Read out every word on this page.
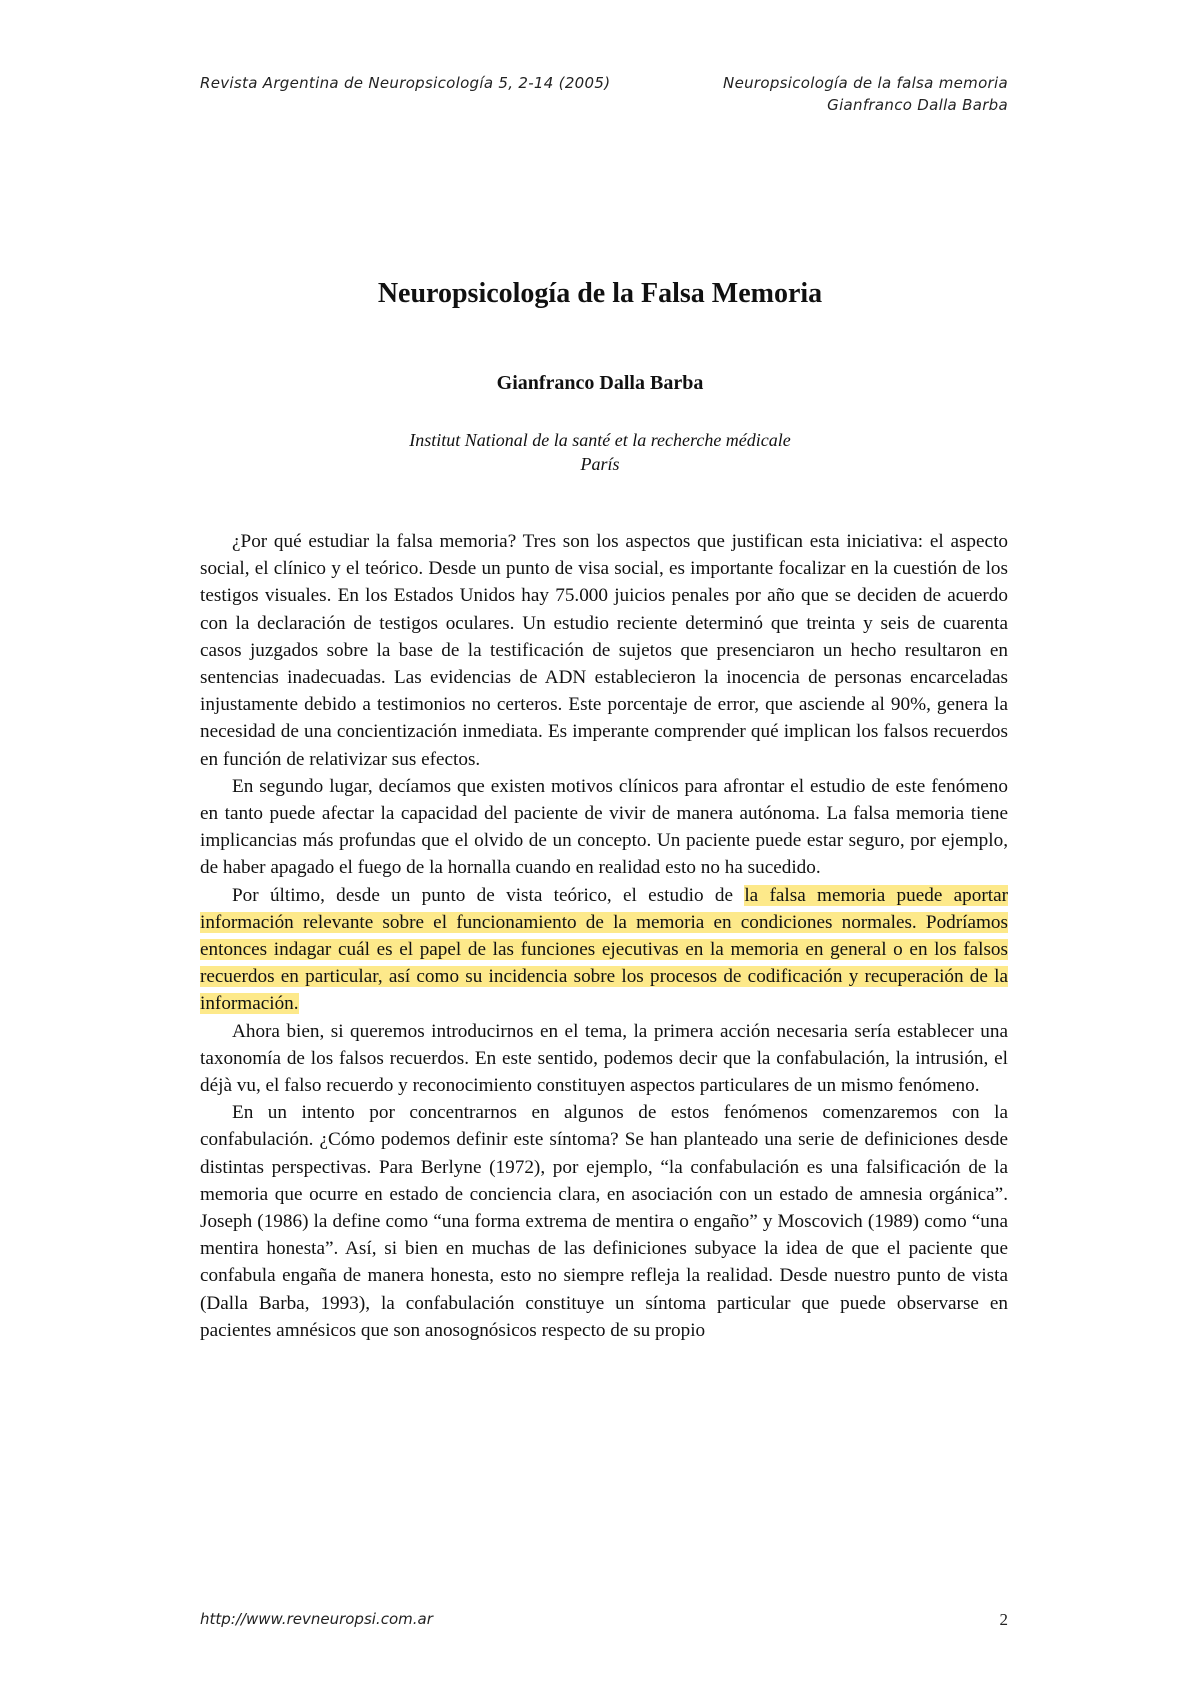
Revista Argentina de Neuropsicología 5, 2-14 (2005)	Neuropsicología de la falsa memoria
Gianfranco Dalla Barba
Neuropsicología de la Falsa Memoria
Gianfranco Dalla Barba
Institut National de la santé et la recherche médicale
París

¿Por qué estudiar la falsa memoria? Tres son los aspectos que justifican esta iniciativa: el aspecto social, el clínico y el teórico. Desde un punto de visa social, es importante focalizar en la cuestión de los testigos visuales. En los Estados Unidos hay 75.000 juicios penales por año que se deciden de acuerdo con la declaración de testigos oculares. Un estudio reciente determinó que treinta y seis de cuarenta casos juzgados sobre la base de la testificación de sujetos que presenciaron un hecho resultaron en sentencias inadecuadas. Las evidencias de ADN establecieron la inocencia de personas encarceladas injustamente debido a testimonios no certeros. Este porcentaje de error, que asciende al 90%, genera la necesidad de una concientización inmediata. Es imperante comprender qué implican los falsos recuerdos en función de relativizar sus efectos.

En segundo lugar, decíamos que existen motivos clínicos para afrontar el estudio de este fenómeno en tanto puede afectar la capacidad del paciente de vivir de manera autónoma. La falsa memoria tiene implicancias más profundas que el olvido de un concepto. Un paciente puede estar seguro, por ejemplo, de haber apagado el fuego de la hornalla cuando en realidad esto no ha sucedido.

Por último, desde un punto de vista teórico, el estudio de la falsa memoria puede aportar información relevante sobre el funcionamiento de la memoria en condiciones normales. Podríamos entonces indagar cuál es el papel de las funciones ejecutivas en la memoria en general o en los falsos recuerdos en particular, así como su incidencia sobre los procesos de codificación y recuperación de la información.

Ahora bien, si queremos introducirnos en el tema, la primera acción necesaria sería establecer una taxonomía de los falsos recuerdos. En este sentido, podemos decir que la confabulación, la intrusión, el déjà vu, el falso recuerdo y reconocimiento constituyen aspectos particulares de un mismo fenómeno.

En un intento por concentrarnos en algunos de estos fenómenos comenzaremos con la confabulación. ¿Cómo podemos definir este síntoma? Se han planteado una serie de definiciones desde distintas perspectivas. Para Berlyne (1972), por ejemplo, “la confabulación es una falsificación de la memoria que ocurre en estado de conciencia clara, en asociación con un estado de amnesia orgánica”. Joseph (1986) la define como “una forma extrema de mentira o engaño” y Moscovich (1989) como “una mentira honesta”. Así, si bien en muchas de las definiciones subyace la idea de que el paciente que confabula engaña de manera honesta, esto no siempre refleja la realidad. Desde nuestro punto de vista (Dalla Barba, 1993), la confabulación constituye un síntoma particular que puede observarse en pacientes amnésicos que son anosognósicos respecto de su propio

http://www.revneuropsi.com.ar	2
